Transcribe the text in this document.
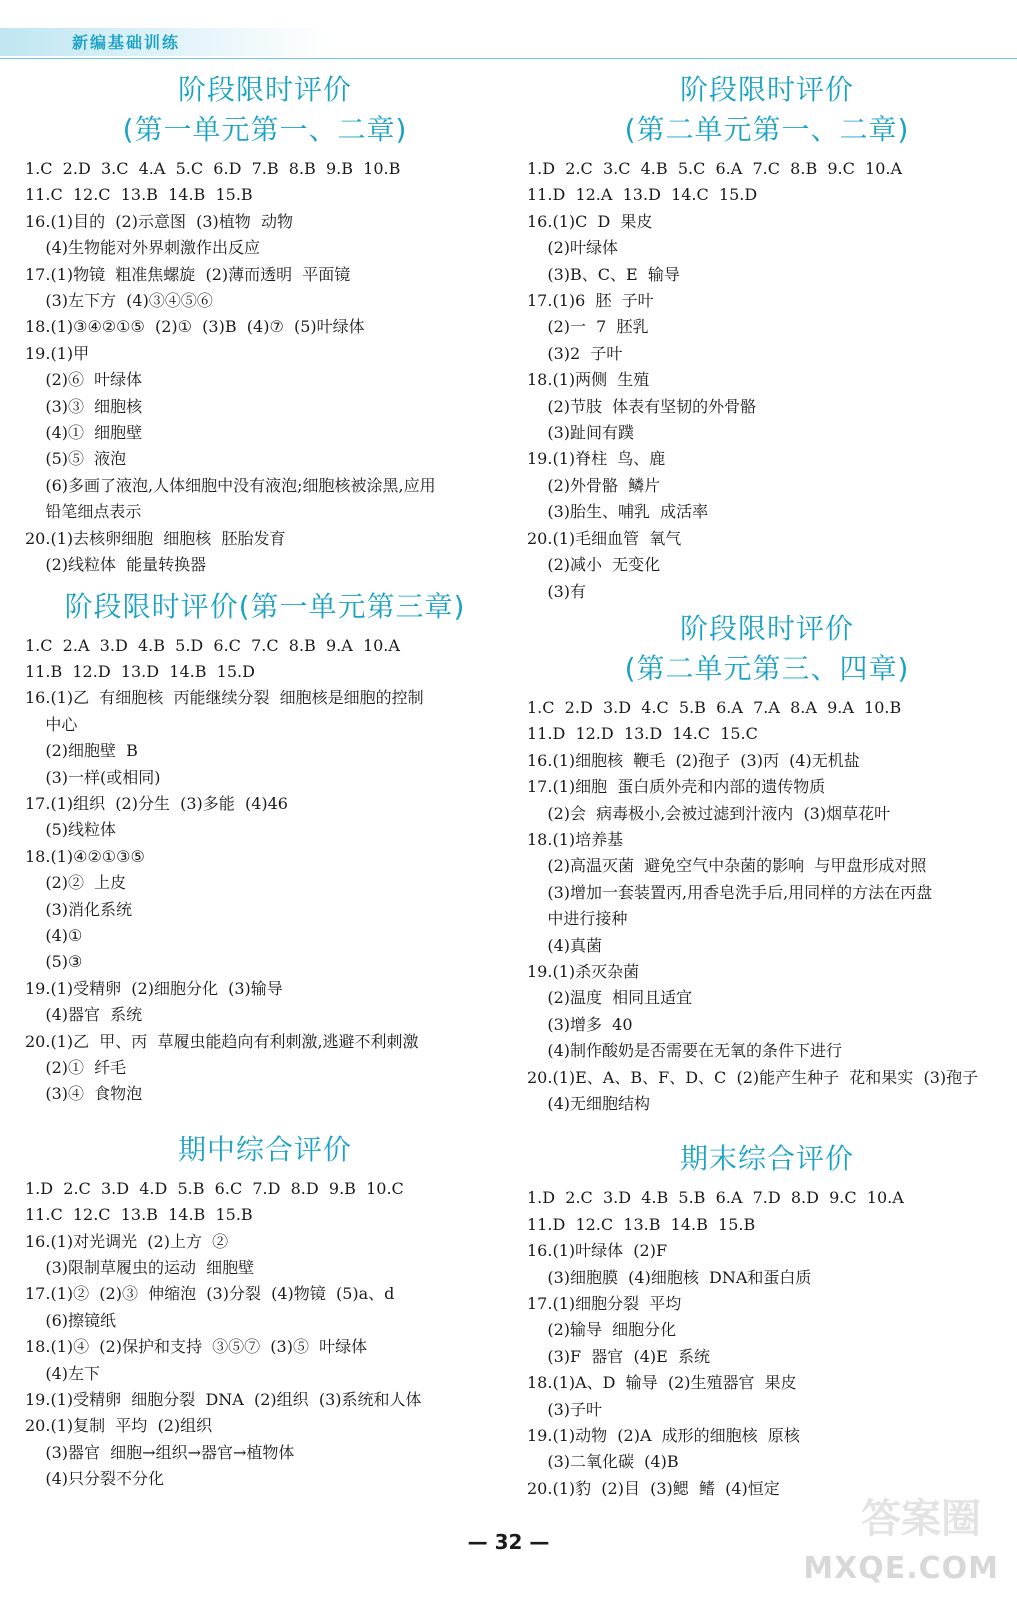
新编基础训练
阶段限时评价
(第一单元第一、二章)
1.C  2.D  3.C  4.A  5.C  6.D  7.B  8.B  9.B  10.B
11.C  12.C  13.B  14.B  15.B
16.(1)目的  (2)示意图  (3)植物  动物
(4)生物能对外界刺激作出反应
17.(1)物镜  粗准焦螺旋  (2)薄而透明  平面镜
(3)左下方  (4)③④⑤⑥
18.(1)③④②①⑤  (2)①  (3)B  (4)⑦  (5)叶绿体
19.(1)甲
(2)⑥  叶绿体
(3)③  细胞核
(4)①  细胞壁
(5)⑤  液泡
(6)多画了液泡,人体细胞中没有液泡;细胞核被涂黑,应用
铅笔细点表示
20.(1)去核卵细胞  细胞核  胚胎发育
(2)线粒体  能量转换器
阶段限时评价(第一单元第三章)
1.C  2.A  3.D  4.B  5.D  6.C  7.C  8.B  9.A  10.A
11.B  12.D  13.D  14.B  15.D
16.(1)乙  有细胞核  丙能继续分裂  细胞核是细胞的控制
中心
(2)细胞壁  B
(3)一样(或相同)
17.(1)组织  (2)分生  (3)多能  (4)46
(5)线粒体
18.(1)④②①③⑤
(2)②  上皮
(3)消化系统
(4)①
(5)③
19.(1)受精卵  (2)细胞分化  (3)输导
(4)器官  系统
20.(1)乙  甲、丙  草履虫能趋向有利刺激,逃避不利刺激
(2)①  纤毛
(3)④  食物泡
期中综合评价
1.D  2.C  3.D  4.D  5.B  6.C  7.D  8.D  9.B  10.C
11.C  12.C  13.B  14.B  15.B
16.(1)对光调光  (2)上方  ②
(3)限制草履虫的运动  细胞壁
17.(1)②  (2)③  伸缩泡  (3)分裂  (4)物镜  (5)a、d
(6)擦镜纸
18.(1)④  (2)保护和支持  ③⑤⑦  (3)⑤  叶绿体
(4)左下
19.(1)受精卵  细胞分裂  DNA  (2)组织  (3)系统和人体
20.(1)复制  平均  (2)组织
(3)器官  细胞→组织→器官→植物体
(4)只分裂不分化
阶段限时评价
(第二单元第一、二章)
1.D  2.C  3.C  4.B  5.C  6.A  7.C  8.B  9.C  10.A
11.D  12.A  13.D  14.C  15.D
16.(1)C  D  果皮
(2)叶绿体
(3)B、C、E  输导
17.(1)6  胚  子叶
(2)一  7  胚乳
(3)2  子叶
18.(1)两侧  生殖
(2)节肢  体表有坚韧的外骨骼
(3)趾间有蹼
19.(1)脊柱  鸟、鹿
(2)外骨骼  鳞片
(3)胎生、哺乳  成活率
20.(1)毛细血管  氧气
(2)减小  无变化
(3)有
阶段限时评价
(第二单元第三、四章)
1.C  2.D  3.D  4.C  5.B  6.A  7.A  8.A  9.A  10.B
11.D  12.D  13.D  14.C  15.C
16.(1)细胞核  鞭毛  (2)孢子  (3)丙  (4)无机盐
17.(1)细胞  蛋白质外壳和内部的遗传物质
(2)会  病毒极小,会被过滤到汁液内  (3)烟草花叶
18.(1)培养基
(2)高温灭菌  避免空气中杂菌的影响  与甲盘形成对照
(3)增加一套装置丙,用香皂洗手后,用同样的方法在丙盘
中进行接种
(4)真菌
19.(1)杀灭杂菌
(2)温度  相同且适宜
(3)增多  40
(4)制作酸奶是否需要在无氧的条件下进行
20.(1)E、A、B、F、D、C  (2)能产生种子  花和果实  (3)孢子
(4)无细胞结构
期末综合评价
1.D  2.C  3.D  4.B  5.B  6.A  7.D  8.D  9.C  10.A
11.D  12.C  13.B  14.B  15.B
16.(1)叶绿体  (2)F
(3)细胞膜  (4)细胞核  DNA和蛋白质
17.(1)细胞分裂  平均
(2)输导  细胞分化
(3)F  器官  (4)E  系统
18.(1)A、D  输导  (2)生殖器官  果皮
(3)子叶
19.(1)动物  (2)A  成形的细胞核  原核
(3)二氧化碳  (4)B
20.(1)豹  (2)目  (3)鳃  鳍  (4)恒定
— 32 —	答案圈
MXQE.COM
